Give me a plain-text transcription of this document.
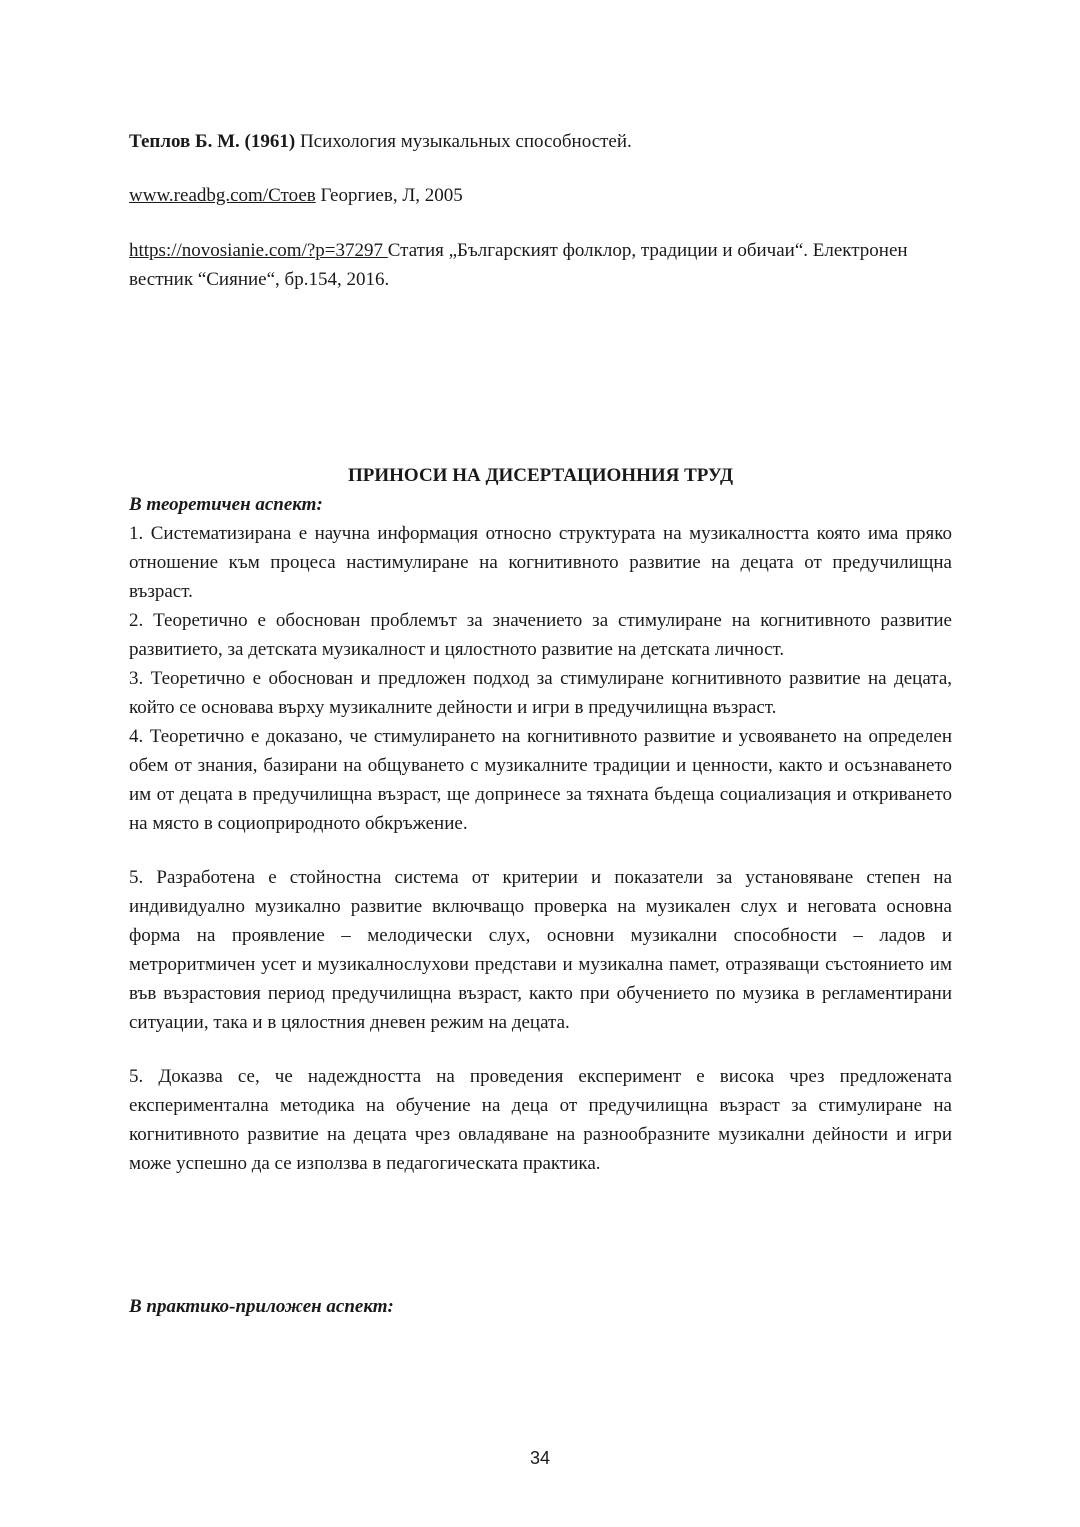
Теплов Б. М. (1961) Психология музыкальных способностей.
www.readbg.com/Стоев Георгиев, Л, 2005
https://novosianie.com/?p=37297 Статия „Българският фолклор, традиции и обичаи“. Електронен вестник “Сияние“, бр.154, 2016.
ПРИНОСИ НА ДИСЕРТАЦИОННИЯ ТРУД

В теоретичен аспект:

1. Систематизирана е научна информация относно структурата на музикалността която има пряко отношение към процеса настимулиране на когнитивното развитие на децата от предучилищна възраст.

2. Теоретично е обоснован проблемът за значението за стимулиране на когнитивното развитие развитието, за детската музикалност и цялостното развитие на детската личност.

3. Теоретично е обоснован и предложен подход за стимулиране когнитивното развитие на децата, който се основава върху музикалните дейности и игри в предучилищна възраст.

4. Теоретично е доказано, че стимулирането на когнитивното развитие и усвояването на определен обем от знания, базирани на общуването с музикалните традиции и ценности, както и осъзнаването им от децата в предучилищна възраст, ще допринесе за тяхната бъдеща социализация и откриването на място в социоприродното обкръжение.

5. Разработена е стойностна система от критерии и показатели за установяване степен на индивидуално музикално развитие включващо проверка на музикален слух и неговата основна форма на проявление – мелодически слух, основни музикални способности – ладов и метроритмичен усет и музикалнослухови представи и музикална памет, отразяващи състоянието им във възрастовия период предучилищна възраст, както при обучението по музика в регламентирани ситуации, така и в цялостния дневен режим на децата.

5. Доказва се, че надеждността на проведения експеримент е висока чрез предложената експериментална методика на обучение на деца от предучилищна възраст за стимулиране на когнитивното развитие на децата чрез овладяване на разнообразните музикални дейности и игри може успешно да се използва в педагогическата практика.

В практико-приложен аспект:

34
